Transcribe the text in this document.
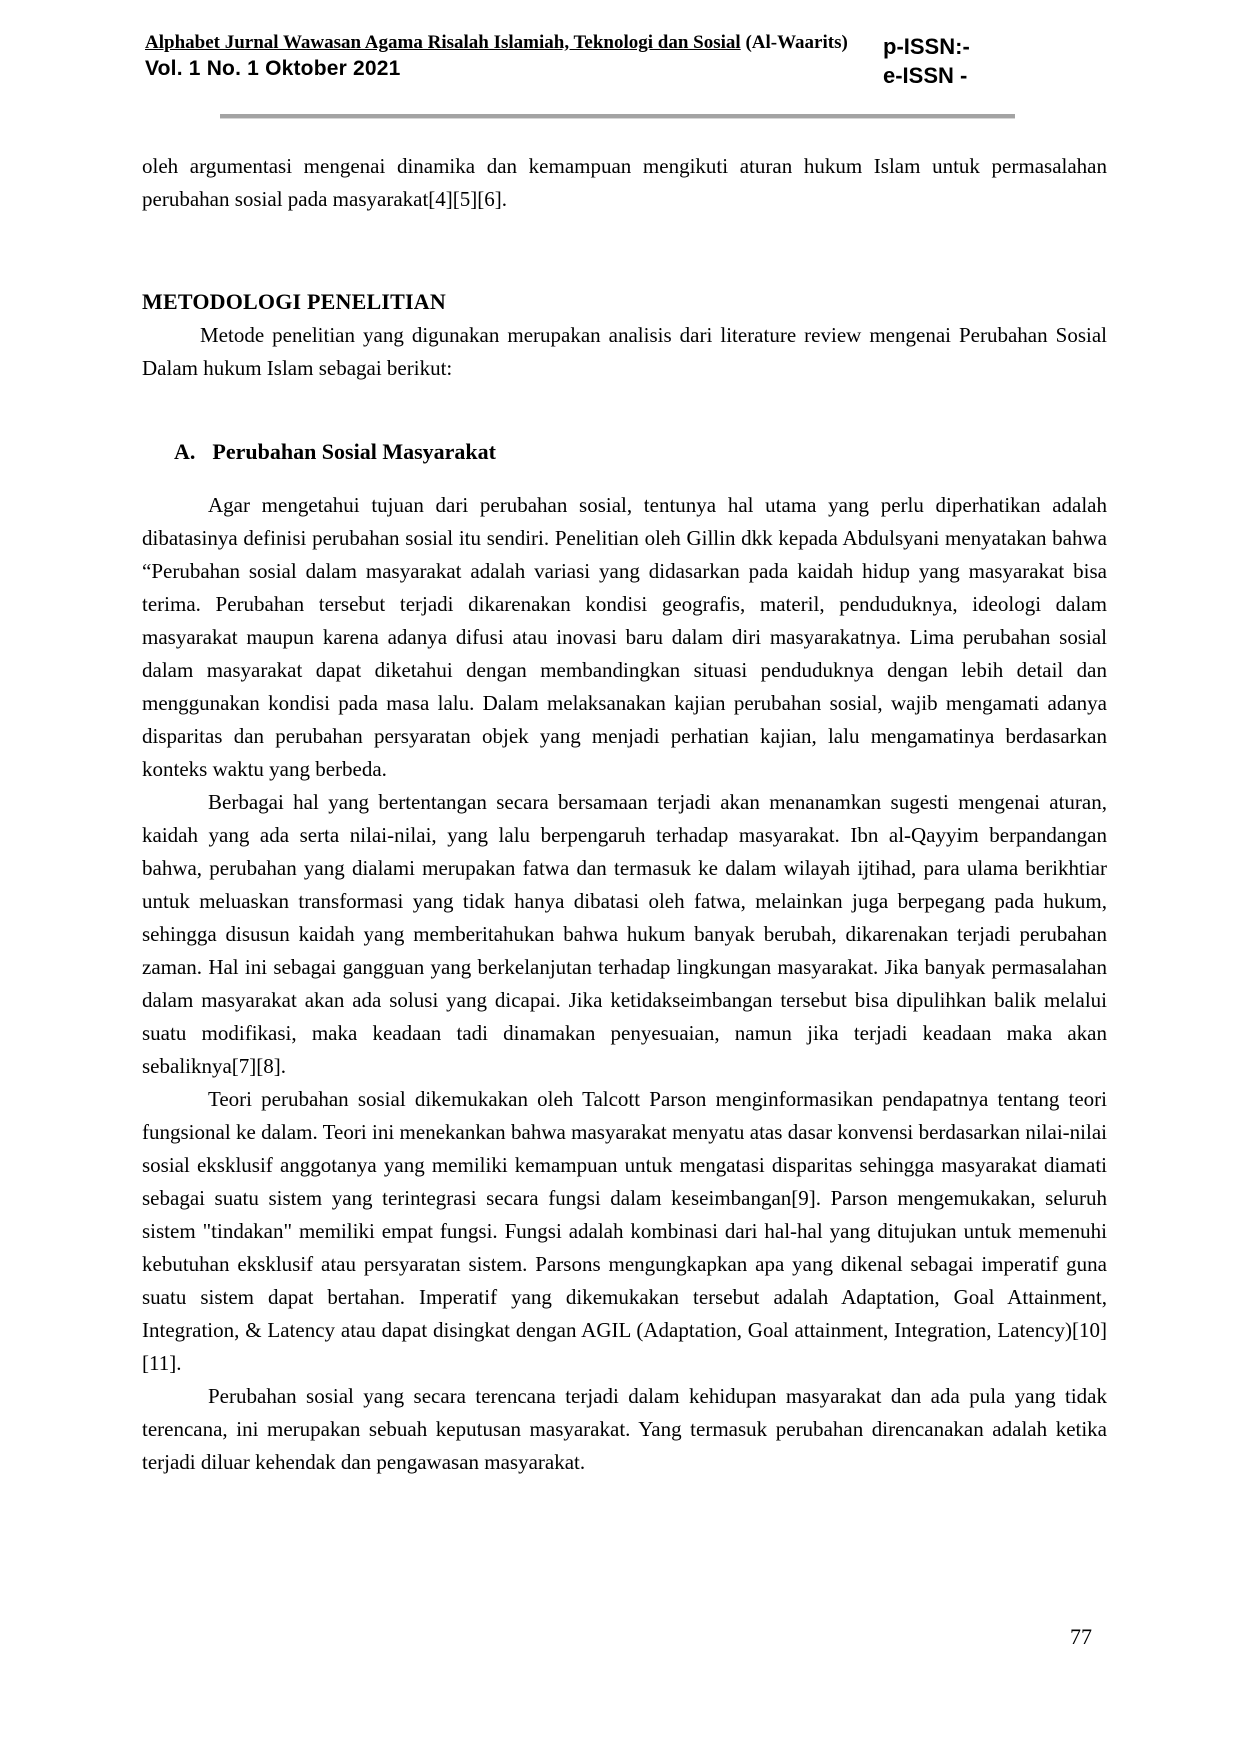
Alphabet Jurnal Wawasan Agama Risalah Islamiah, Teknologi dan Sosial (Al-Waarits)
Vol. 1 No. 1 Oktober 2021
p-ISSN:-
e-ISSN -

oleh argumentasi mengenai dinamika dan kemampuan mengikuti aturan hukum Islam untuk permasalahan perubahan sosial pada masyarakat[4][5][6].

METODOLOGI PENELITIAN

Metode penelitian yang digunakan merupakan analisis dari literature review mengenai Perubahan Sosial Dalam hukum Islam sebagai berikut:

A. Perubahan Sosial Masyarakat

Agar mengetahui tujuan dari perubahan sosial, tentunya hal utama yang perlu diperhatikan adalah dibatasinya definisi perubahan sosial itu sendiri. Penelitian oleh Gillin dkk kepada Abdulsyani menyatakan bahwa “Perubahan sosial dalam masyarakat adalah variasi yang didasarkan pada kaidah hidup yang masyarakat bisa terima. Perubahan tersebut terjadi dikarenakan kondisi geografis, materil, penduduknya, ideologi dalam masyarakat maupun karena adanya difusi atau inovasi baru dalam diri masyarakatnya. Lima perubahan sosial dalam masyarakat dapat diketahui dengan membandingkan situasi penduduknya dengan lebih detail dan menggunakan kondisi pada masa lalu. Dalam melaksanakan kajian perubahan sosial, wajib mengamati adanya disparitas dan perubahan persyaratan objek yang menjadi perhatian kajian, lalu mengamatinya berdasarkan konteks waktu yang berbeda.

Berbagai hal yang bertentangan secara bersamaan terjadi akan menanamkan sugesti mengenai aturan, kaidah yang ada serta nilai-nilai, yang lalu berpengaruh terhadap masyarakat. Ibn al-Qayyim berpandangan bahwa, perubahan yang dialami merupakan fatwa dan termasuk ke dalam wilayah ijtihad, para ulama berikhtiar untuk meluaskan transformasi yang tidak hanya dibatasi oleh fatwa, melainkan juga berpegang pada hukum, sehingga disusun kaidah yang memberitahukan bahwa hukum banyak berubah, dikarenakan terjadi perubahan zaman. Hal ini sebagai gangguan yang berkelanjutan terhadap lingkungan masyarakat. Jika banyak permasalahan dalam masyarakat akan ada solusi yang dicapai. Jika ketidakseimbangan tersebut bisa dipulihkan balik melalui suatu modifikasi, maka keadaan tadi dinamakan penyesuaian, namun jika terjadi keadaan maka akan sebaliknya[7][8].

Teori perubahan sosial dikemukakan oleh Talcott Parson menginformasikan pendapatnya tentang teori fungsional ke dalam. Teori ini menekankan bahwa masyarakat menyatu atas dasar konvensi berdasarkan nilai-nilai sosial eksklusif anggotanya yang memiliki kemampuan untuk mengatasi disparitas sehingga masyarakat diamati sebagai suatu sistem yang terintegrasi secara fungsi dalam keseimbangan[9]. Parson mengemukakan, seluruh sistem "tindakan" memiliki empat fungsi. Fungsi adalah kombinasi dari hal-hal yang ditujukan untuk memenuhi kebutuhan eksklusif atau persyaratan sistem. Parsons mengungkapkan apa yang dikenal sebagai imperatif guna suatu sistem dapat bertahan. Imperatif yang dikemukakan tersebut adalah Adaptation, Goal Attainment, Integration, & Latency atau dapat disingkat dengan AGIL (Adaptation, Goal attainment, Integration, Latency)[10][11].

Perubahan sosial yang secara terencana terjadi dalam kehidupan masyarakat dan ada pula yang tidak terencana, ini merupakan sebuah keputusan masyarakat. Yang termasuk perubahan direncanakan adalah ketika terjadi diluar kehendak dan pengawasan masyarakat.

77
